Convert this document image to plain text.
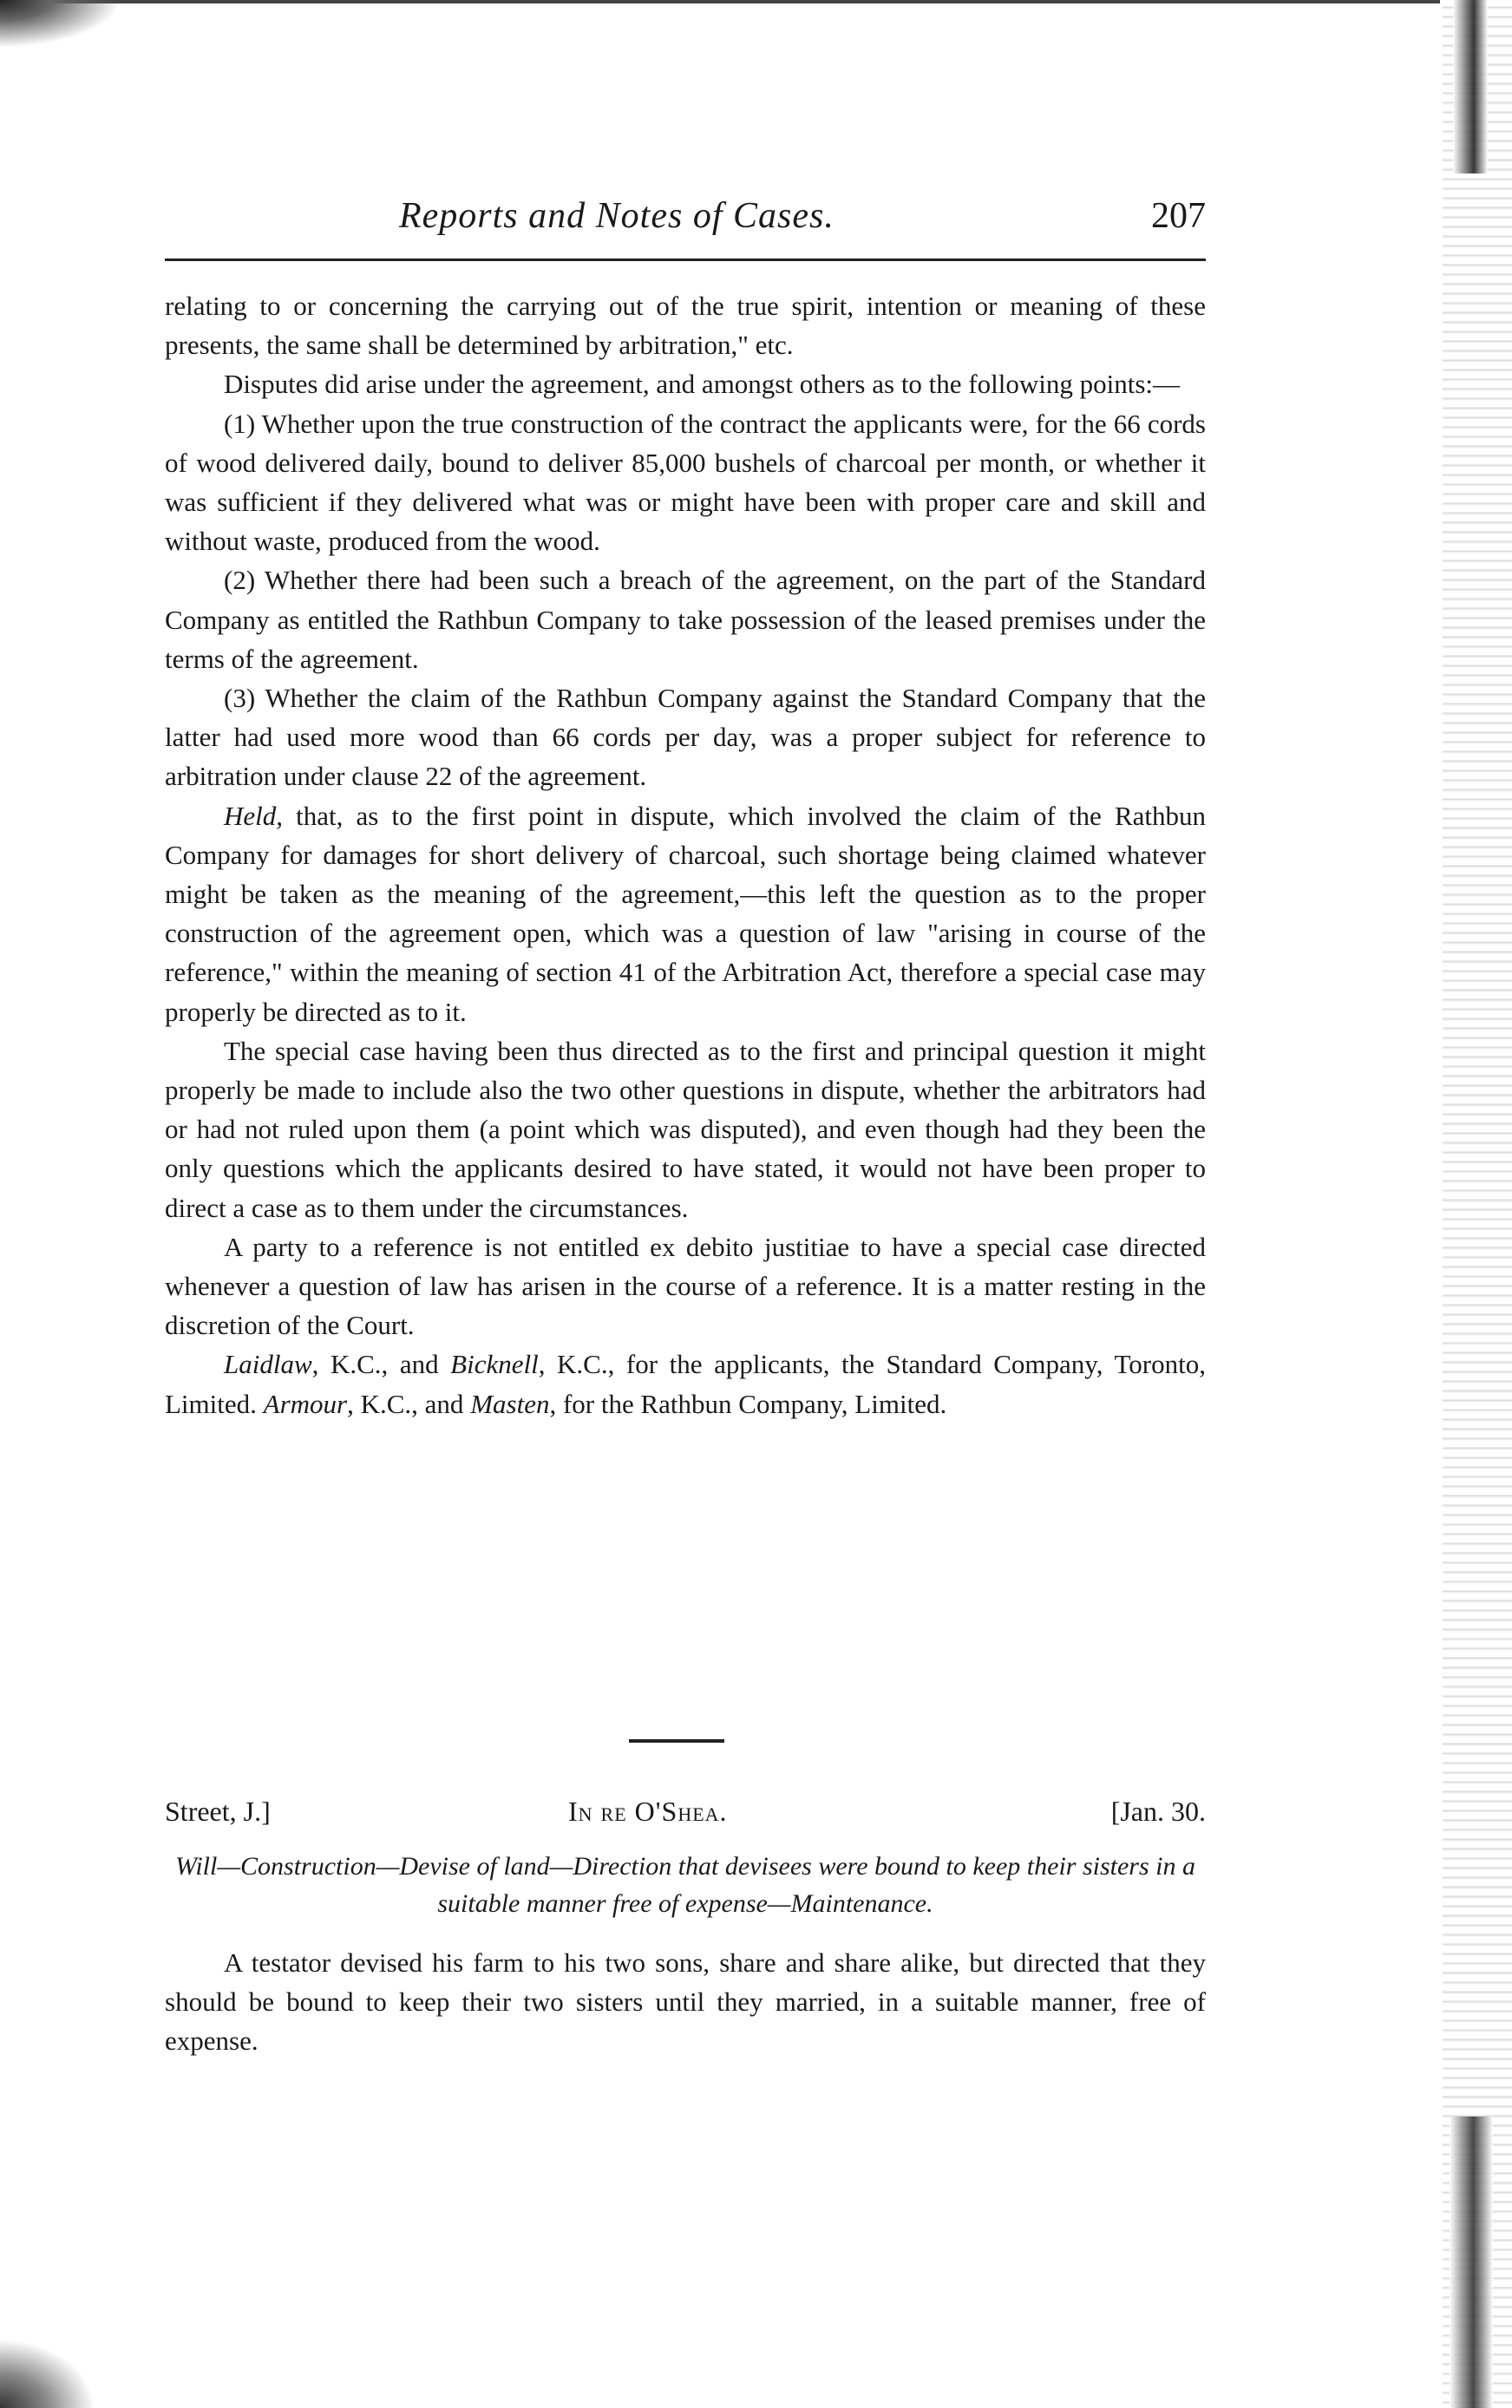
Reports and Notes of Cases.	207

relating to or concerning the carrying out of the true spirit, intention or meaning of these presents, the same shall be determined by arbitration," etc.

Disputes did arise under the agreement, and amongst others as to the following points:—

(1) Whether upon the true construction of the contract the applicants were, for the 66 cords of wood delivered daily, bound to deliver 85,000 bushels of charcoal per month, or whether it was sufficient if they delivered what was or might have been with proper care and skill and without waste, produced from the wood.

(2) Whether there had been such a breach of the agreement, on the part of the Standard Company as entitled the Rathbun Company to take possession of the leased premises under the terms of the agreement.

(3) Whether the claim of the Rathbun Company against the Standard Company that the latter had used more wood than 66 cords per day, was a proper subject for reference to arbitration under clause 22 of the agreement.

Held, that, as to the first point in dispute, which involved the claim of the Rathbun Company for damages for short delivery of charcoal, such shortage being claimed whatever might be taken as the meaning of the agreement,—this left the question as to the proper construction of the agreement open, which was a question of law "arising in course of the reference," within the meaning of section 41 of the Arbitration Act, therefore a special case may properly be directed as to it.

The special case having been thus directed as to the first and principal question it might properly be made to include also the two other questions in dispute, whether the arbitrators had or had not ruled upon them (a point which was disputed), and even though had they been the only questions which the applicants desired to have stated, it would not have been proper to direct a case as to them under the circumstances.

A party to a reference is not entitled ex debito justitiae to have a special case directed whenever a question of law has arisen in the course of a reference. It is a matter resting in the discretion of the Court.

Laidlaw, K.C., and Bicknell, K.C., for the applicants, the Standard Company, Toronto, Limited. Armour, K.C., and Masten, for the Rathbun Company, Limited.

Street, J.]	In re O'Shea.	[Jan. 30.
Will—Construction—Devise of land—Direction that devisees were bound to keep their sisters in a suitable manner free of expense—Maintenance.
A testator devised his farm to his two sons, share and share alike, but directed that they should be bound to keep their two sisters until they married, in a suitable manner, free of expense.
